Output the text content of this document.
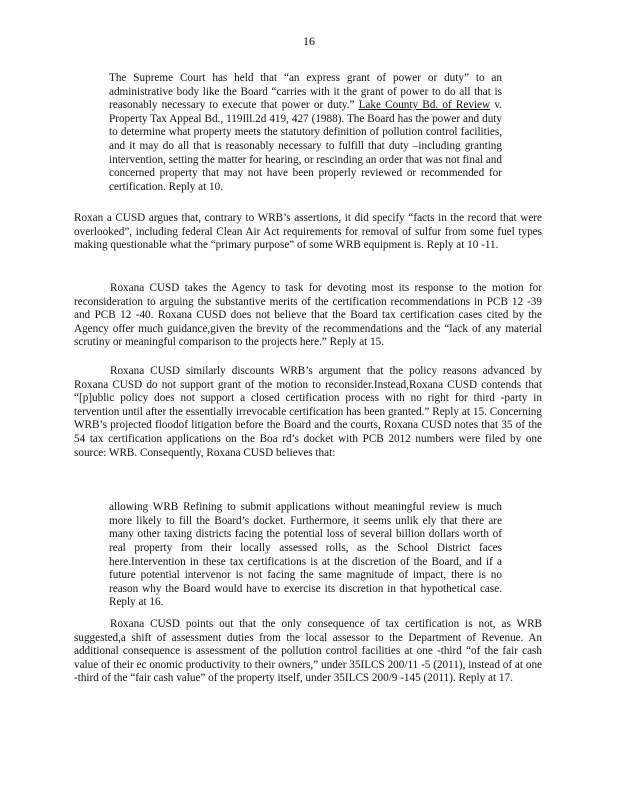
16
The Supreme Court has held that “an express grant of power or duty” to an administrative body like the Board “carries with it the grant of power to do all that is reasonably necessary to execute that power or duty.” Lake County Bd. of Review v. Property Tax Appeal Bd., 119Ill.2d 419, 427 (1988). The Board has the power and duty to determine what property meets the statutory definition of pollution control facilities, and it may do all that is reasonably necessary to fulfill that duty –including granting intervention, setting the matter for hearing, or rescinding an order that was not final and concerned property that may not have been properly reviewed or recommended for certification. Reply at 10.

Roxan a CUSD argues that, contrary to WRB’s assertions, it did specify “facts in the record that were overlooked”, including federal Clean Air Act requirements for removal of sulfur from some fuel types making questionable what the “primary purpose” of some WRB equipment is. Reply at 10 -11.

Roxana CUSD takes the Agency to task for devoting most its response to the motion for reconsideration to arguing the substantive merits of the certification recommendations in PCB 12 -39 and PCB 12 -40. Roxana CUSD does not believe that the Board tax certification cases cited by the Agency offer much guidance,given the brevity of the recommendations and the “lack of any material scrutiny or meaningful comparison to the projects here.” Reply at 15.

Roxana CUSD similarly discounts WRB’s argument that the policy reasons advanced by Roxana CUSD do not support grant of the motion to reconsider.Instead,Roxana CUSD contends that “[p]ublic policy does not support a closed certification process with no right for third -party in tervention until after the essentially irrevocable certification has been granted.” Reply at 15. Concerning WRB’s projected floodof litigation before the Board and the courts, Roxana CUSD notes that 35 of the 54 tax certification applications on the Boa rd’s docket with PCB 2012 numbers were filed by one source: WRB. Consequently, Roxana CUSD believes that:

allowing WRB Refining to submit applications without meaningful review is much more likely to fill the Board’s docket. Furthermore, it seems unlik ely that there are many other taxing districts facing the potential loss of several billion dollars worth of real property from their locally assessed rolls, as the School District faces here.Intervention in these tax certifications is at the discretion of the Board, and if a future potential intervenor is not facing the same magnitude of impact, there is no reason why the Board would have to exercise its discretion in that hypothetical case. Reply at 16.

Roxana CUSD points out that the only consequence of tax certification is not, as WRB suggested,a shift of assessment duties from the local assessor to the Department of Revenue. An additional consequence is assessment of the pollution control facilities at one -third “of the fair cash value of their ec onomic productivity to their owners,” under 35ILCS 200/11 -5 (2011), instead of at one -third of the “fair cash value” of the property itself, under 35ILCS 200/9 -145 (2011). Reply at 17.
